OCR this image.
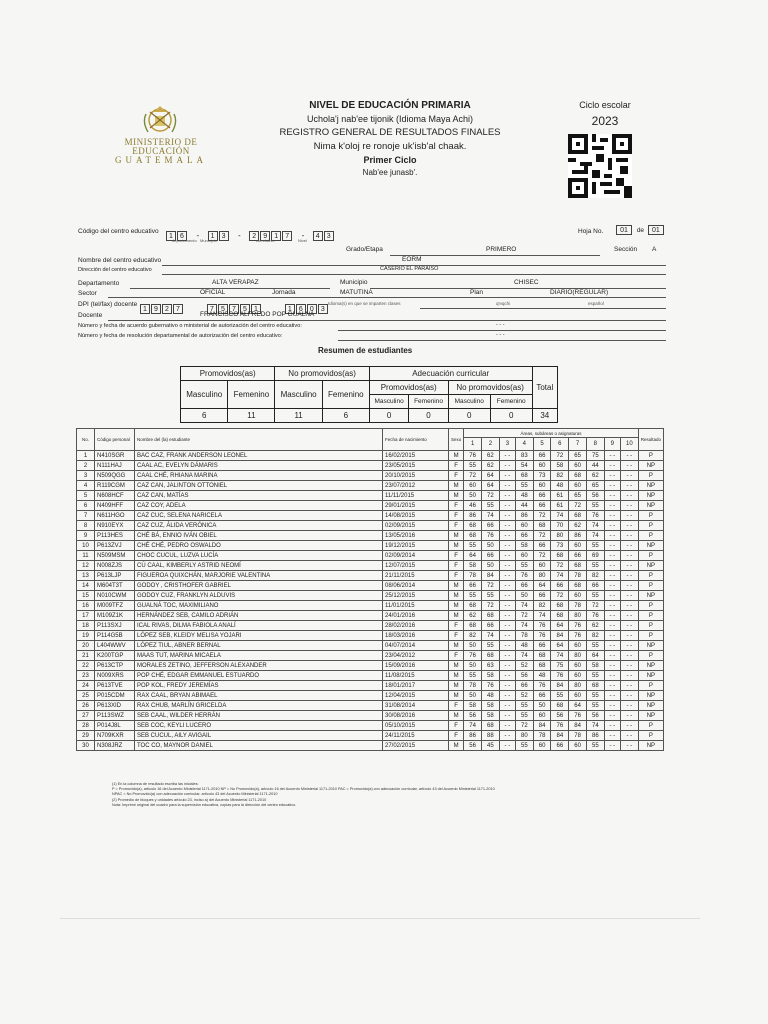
MINISTERIO DE EDUCACIÓN
GUATEMALA
NIVEL DE EDUCACIÓN PRIMARIA
Uchola'j nab'ee tijonik (Idioma Maya Achi)
REGISTRO GENERAL DE RESULTADOS FINALES
Nima k'oloj re ronoje uk'isb'al chaak.
Primer Ciclo
Nab'ee junasb'.
Ciclo escolar
2023
Código del centro educativo
1 6 - 1 3 - 2 9 1 7 - 4 3
departamento Municipio	correlativo	Nivel
Hoja No.	01 de 01
Grado/Etapa	PRIMERO	Sección A
Nombre del centro educativo	EORM
Dirección del centro educativo	CASERIO EL PARAISO
Departamento	ALTA VERAPAZ	Municipio	CHISEC
Sector	OFICIAL	Jornada	MATUTINA	Plan	DIARIO(REGULAR)
DPI (tel/fax) docente
1 9 2 7	7 5 7 5 1	1 6 0 3
Idioma(s) en que se imparten clases	q'eqchi	español
Docente	FRANCISCO ALFREDO POP GUALNÁ
Número y fecha de acuerdo gubernativo o ministerial de autorización del centro educativo:	- - -
Número y fecha de resolución departamental de autorización del centro educativo:	- - -
Resumen de estudiantes
Promovidos(as)		No promovidos(as)		Adecuación curricular				Total
Masculino	Femenino	Masculino	Femenino	Promovidos(as)		No promovidos(as)		
				Masculino	Femenino	Masculino	Femenino	
6	11	11	6	0	0	0	0	34
No.	Código personal	Nombre del (la) estudiante	Fecha de nacimiento	Sexo	Áreas, subáreas o asignaturas										Resultado
					1	2	3	4	5	6	7	8	9	10	
1	N410SGR	BAC CAZ, FRANK ANDERSON LEONEL	16/02/2015	M	76	62	- -	83	66	72	65	75	- -	- -	P
2	N111HAJ	CAAL AC, EVELYN DÁMARIS	23/05/2015	F	55	62	- -	54	60	58	60	44	- -	- -	NP
3	N509QGG	CAAL CHÉ, RHIANA MARINA	20/10/2015	F	72	64	- -	68	73	82	68	62	- -	- -	P
4	R119CGM	CAZ CAN, JALINTON OTTONIEL	23/07/2012	M	60	64	- -	55	60	48	60	65	- -	- -	NP
5	N608HCF	CAZ CAN, MATÍAS	11/11/2015	M	50	72	- -	48	66	61	65	56	- -	- -	NP
6	N409HFF	CAZ COY, ADELA	29/01/2015	F	46	55	- -	44	66	61	72	55	- -	- -	NP
7	N611HGO	CAZ CUC, SELENA NARICELA	14/08/2015	F	86	74	- -	86	72	74	68	76	- -	- -	P
8	N910EYX	CAZ CUZ, ÁLIDA VERÓNICA	02/09/2015	F	68	66	- -	60	68	70	62	74	- -	- -	P
9	P113HES	CHÉ BÁ, ENNIO IVÁN OBIEL	13/05/2016	M	68	76	- -	66	72	80	86	74	- -	- -	P
10	P613ZVJ	CHÉ CHÉ, PEDRO OSWALDO	19/12/2015	M	55	50	- -	58	66	73	60	55	- -	- -	NP
11	N509MSM	CHOC CUCUL, LUZVA LUCÍA	02/09/2014	F	64	66	- -	60	72	68	66	69	- -	- -	P
12	N008ZJS	CÚ CAAL, KIMBERLY ASTRID NEOMÍ	12/07/2015	F	58	50	- -	55	60	72	68	55	- -	- -	NP
13	P613LJP	FIGUEROA QUIXCHÁN, MARJORIE VALENTINA	21/11/2015	F	78	84	- -	76	80	74	78	82	- -	- -	P
14	M604T3T	GODOY , CRISTHOFER GABRIEL	08/06/2014	M	66	72	- -	66	64	66	68	66	- -	- -	P
15	N010CWM	GODOY CUZ, FRANKLYN ALDUVIS	25/12/2015	M	55	55	- -	50	66	72	60	55	- -	- -	NP
16	M009TFZ	GUALNÁ TOC, MAXIMILIANO	11/01/2015	M	68	72	- -	74	82	68	78	72	- -	- -	P
17	M109Z1K	HERNÁNDEZ SEB, CAMILO ADRIÁN	24/01/2016	M	62	68	- -	72	74	68	80	76	- -	- -	P
18	P113SXJ	ICAL RIVAS, DILMA FABIOLA ANALÍ	28/02/2016	F	68	66	- -	74	76	64	76	62	- -	- -	P
19	P114G5B	LÓPEZ SEB, KLEIDY MELISA YOJARI	18/03/2016	F	82	74	- -	78	76	84	76	82	- -	- -	P
20	L404WWV	LÓPEZ TIUL, ABNER BERNAL	04/07/2014	M	50	55	- -	48	66	64	60	55	- -	- -	NP
21	K200TGP	MAAS TUT, MARINA MICAELA	23/04/2012	F	76	68	- -	74	68	74	80	64	- -	- -	P
22	P613CTP	MORALES ZETINO, JEFFERSON ALEXANDER	15/09/2016	M	50	63	- -	52	68	75	60	58	- -	- -	NP
23	N009XRS	POP CHÉ, EDGAR EMMANUEL ESTUARDO	11/08/2015	M	55	58	- -	56	48	76	60	55	- -	- -	NP
24	P613TVE	POP KOL, FREDY JEREMÍAS	18/01/2017	M	78	76	- -	66	76	84	80	68	- -	- -	P
25	P015CDM	RAX CAAL, BRYAN ABIMAEL	12/04/2015	M	50	48	- -	52	66	55	60	55	- -	- -	NP
26	P613XID	RAX CHUB, MARLÍN GRICELDA	31/08/2014	F	58	58	- -	55	50	68	64	55	- -	- -	NP
27	P113SWZ	SEB CAAL, WILDER HERRÁN	30/08/2016	M	56	58	- -	55	60	56	76	56	- -	- -	NP
28	P014J8L	SEB COC, KEYLI LUCERO	05/10/2015	F	74	68	- -	72	84	76	84	74	- -	- -	P
29	N709KXR	SEB CUCUL, AILY AVIGAIL	24/11/2015	F	86	88	- -	80	78	84	78	86	- -	- -	P
30	N308JRZ	TOC CO, MAYNOR DANIEL	27/02/2015	M	56	45	- -	55	60	66	60	55	- -	- -	NP
(1) En la columna de resultado escriba las iniciales:
P = Promovido(a), artículo 16 del Acuerdo Ministerial 1171-2010 NP = No Promovido(a), artículo 16 del Acuerdo Ministerial 1171-2010 PAC = Promovido(a) con adecuación curricular, artículo 43 del Acuerdo Ministerial 1171-2010
NPAC = No Promovido(a) con adecuación curricular, artículo 43 del Acuerdo Ministerial 1171-2010
(2) Promedio de bloques y unidades artículo 23, inciso a) del Acuerdo Ministerial 1171-2010
Nota: Imprimir original del cuadro para la supervisión educativa, copias para la dirección del centro educativo.
